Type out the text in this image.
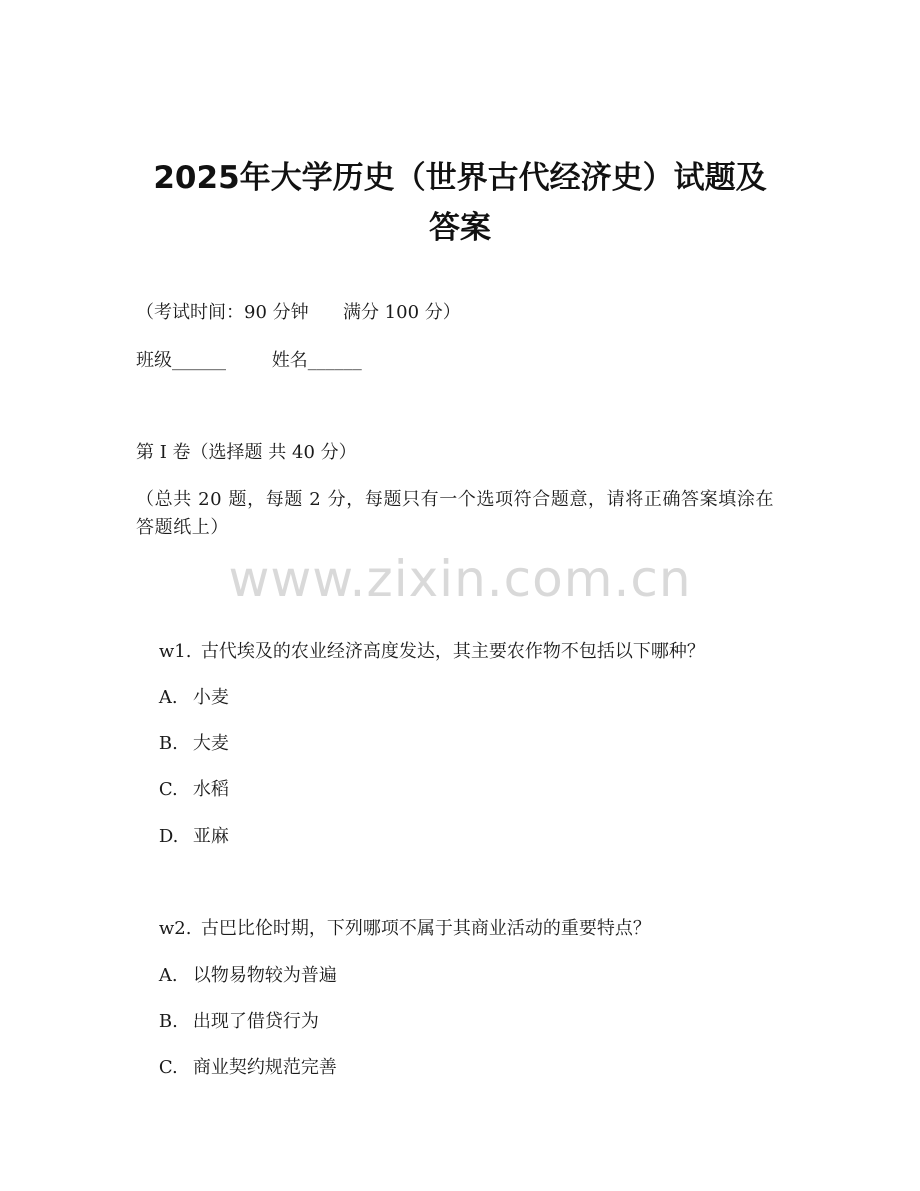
2025年大学历史（世界古代经济史）试题及
答案
（考试时间：90 分钟      满分 100 分）
班级______        姓名______
第 I 卷（选择题 共 40 分）
（总共 20 题，每题 2 分，每题只有一个选项符合题意，请将正确答案填涂在答题纸上）
www.zixin.com.cn

w1. 古代埃及的农业经济高度发达，其主要农作物不包括以下哪种？

A. 小麦

B. 大麦

C. 水稻

D. 亚麻

w2. 古巴比伦时期，下列哪项不属于其商业活动的重要特点？

A. 以物易物较为普遍

B. 出现了借贷行为

C. 商业契约规范完善
